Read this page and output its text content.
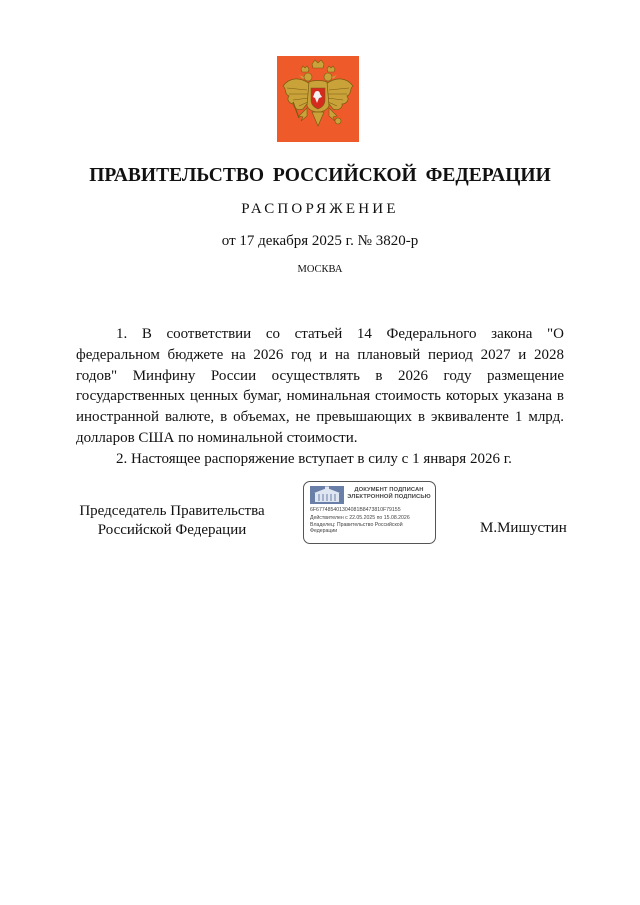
ПРАВИТЕЛЬСТВО РОССИЙСКОЙ ФЕДЕРАЦИИ
РАСПОРЯЖЕНИЕ
от 17 декабря 2025 г. № 3820-р
МОСКВА

1. В соответствии со статьей 14 Федерального закона "О федеральном бюджете на 2026 год и на плановый период 2027 и 2028 годов" Минфину России осуществлять в 2026 году размещение государственных ценных бумаг, номинальная стоимость которых указана в иностранной валюте, в объемах, не превышающих в эквиваленте 1 млрд. долларов США по номинальной стоимости.

2. Настоящее распоряжение вступает в силу с 1 января 2026 г.

Председатель Правительства
Российской Федерации
ДОКУМЕНТ ПОДПИСАН
ЭЛЕКТРОННОЙ ПОДПИСЬЮ
6F677485401304081B8473810F79155
Действителен с 22.05.2025 по 15.08.2026
Владелец: Правительство Российской
Федерации	М.Мишустин
